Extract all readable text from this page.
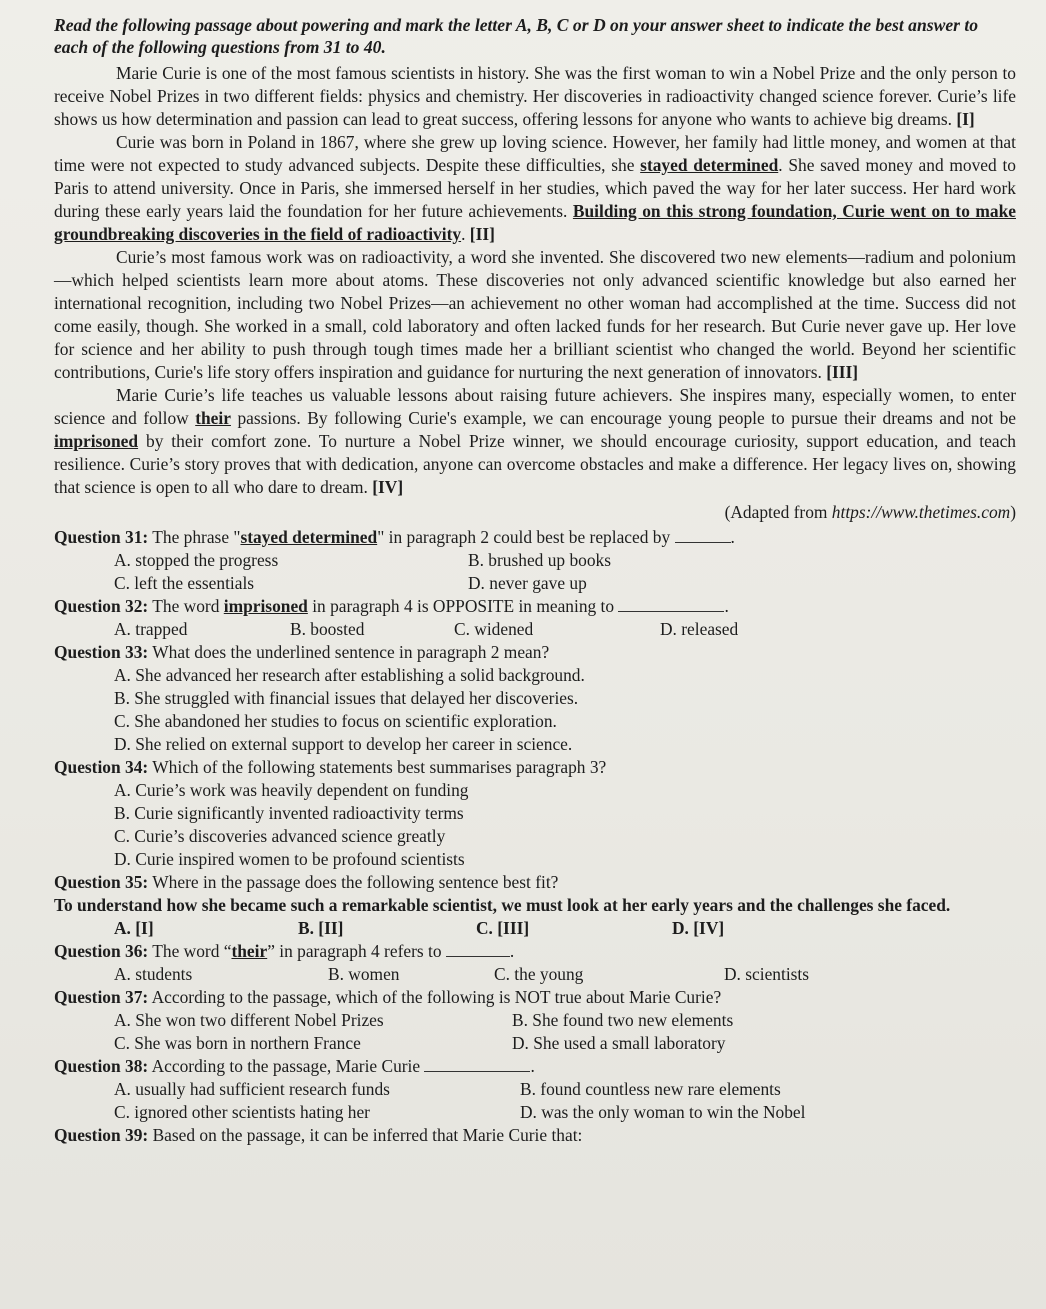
Read the following passage about powering and mark the letter A, B, C or D on your answer sheet to indicate the best answer to each of the following questions from 31 to 40.

Marie Curie is one of the most famous scientists in history. She was the first woman to win a Nobel Prize and the only person to receive Nobel Prizes in two different fields: physics and chemistry. Her discoveries in radioactivity changed science forever. Curie’s life shows us how determination and passion can lead to great success, offering lessons for anyone who wants to achieve big dreams. [I]

Curie was born in Poland in 1867, where she grew up loving science. However, her family had little money, and women at that time were not expected to study advanced subjects. Despite these difficulties, she stayed determined. She saved money and moved to Paris to attend university. Once in Paris, she immersed herself in her studies, which paved the way for her later success. Her hard work during these early years laid the foundation for her future achievements. Building on this strong foundation, Curie went on to make groundbreaking discoveries in the field of radioactivity. [II]

Curie’s most famous work was on radioactivity, a word she invented. She discovered two new elements—radium and polonium—which helped scientists learn more about atoms. These discoveries not only advanced scientific knowledge but also earned her international recognition, including two Nobel Prizes—an achievement no other woman had accomplished at the time. Success did not come easily, though. She worked in a small, cold laboratory and often lacked funds for her research. But Curie never gave up. Her love for science and her ability to push through tough times made her a brilliant scientist who changed the world. Beyond her scientific contributions, Curie's life story offers inspiration and guidance for nurturing the next generation of innovators. [III]

Marie Curie’s life teaches us valuable lessons about raising future achievers. She inspires many, especially women, to enter science and follow their passions. By following Curie's example, we can encourage young people to pursue their dreams and not be imprisoned by their comfort zone. To nurture a Nobel Prize winner, we should encourage curiosity, support education, and teach resilience. Curie’s story proves that with dedication, anyone can overcome obstacles and make a difference. Her legacy lives on, showing that science is open to all who dare to dream. [IV]

(Adapted from https://www.thetimes.com)

Question 31: The phrase "stayed determined" in paragraph 2 could best be replaced by	.

A. stopped the progress	B. brushed up books
C. left the essentials	D. never gave up

Question 32: The word imprisoned in paragraph 4 is OPPOSITE in meaning to	.

A. trapped	B. boosted	C. widened	D. released

Question 33: What does the underlined sentence in paragraph 2 mean?

A. She advanced her research after establishing a solid background.
B. She struggled with financial issues that delayed her discoveries.
C. She abandoned her studies to focus on scientific exploration.
D. She relied on external support to develop her career in science.

Question 34: Which of the following statements best summarises paragraph 3?

A. Curie’s work was heavily dependent on funding
B. Curie significantly invented radioactivity terms
C. Curie’s discoveries advanced science greatly
D. Curie inspired women to be profound scientists

Question 35: Where in the passage does the following sentence best fit?

To understand how she became such a remarkable scientist, we must look at her early years and the challenges she faced.

A. [I]	B. [II]	C. [III]	D. [IV]

Question 36: The word “their” in paragraph 4 refers to	.

A. students	B. women	C. the young	D. scientists

Question 37: According to the passage, which of the following is NOT true about Marie Curie?

A. She won two different Nobel Prizes	B. She found two new elements
C. She was born in northern France	D. She used a small laboratory

Question 38: According to the passage, Marie Curie	.

A. usually had sufficient research funds	B. found countless new rare elements
C. ignored other scientists hating her	D. was the only woman to win the Nobel

Question 39: Based on the passage, it can be inferred that Marie Curie that:
